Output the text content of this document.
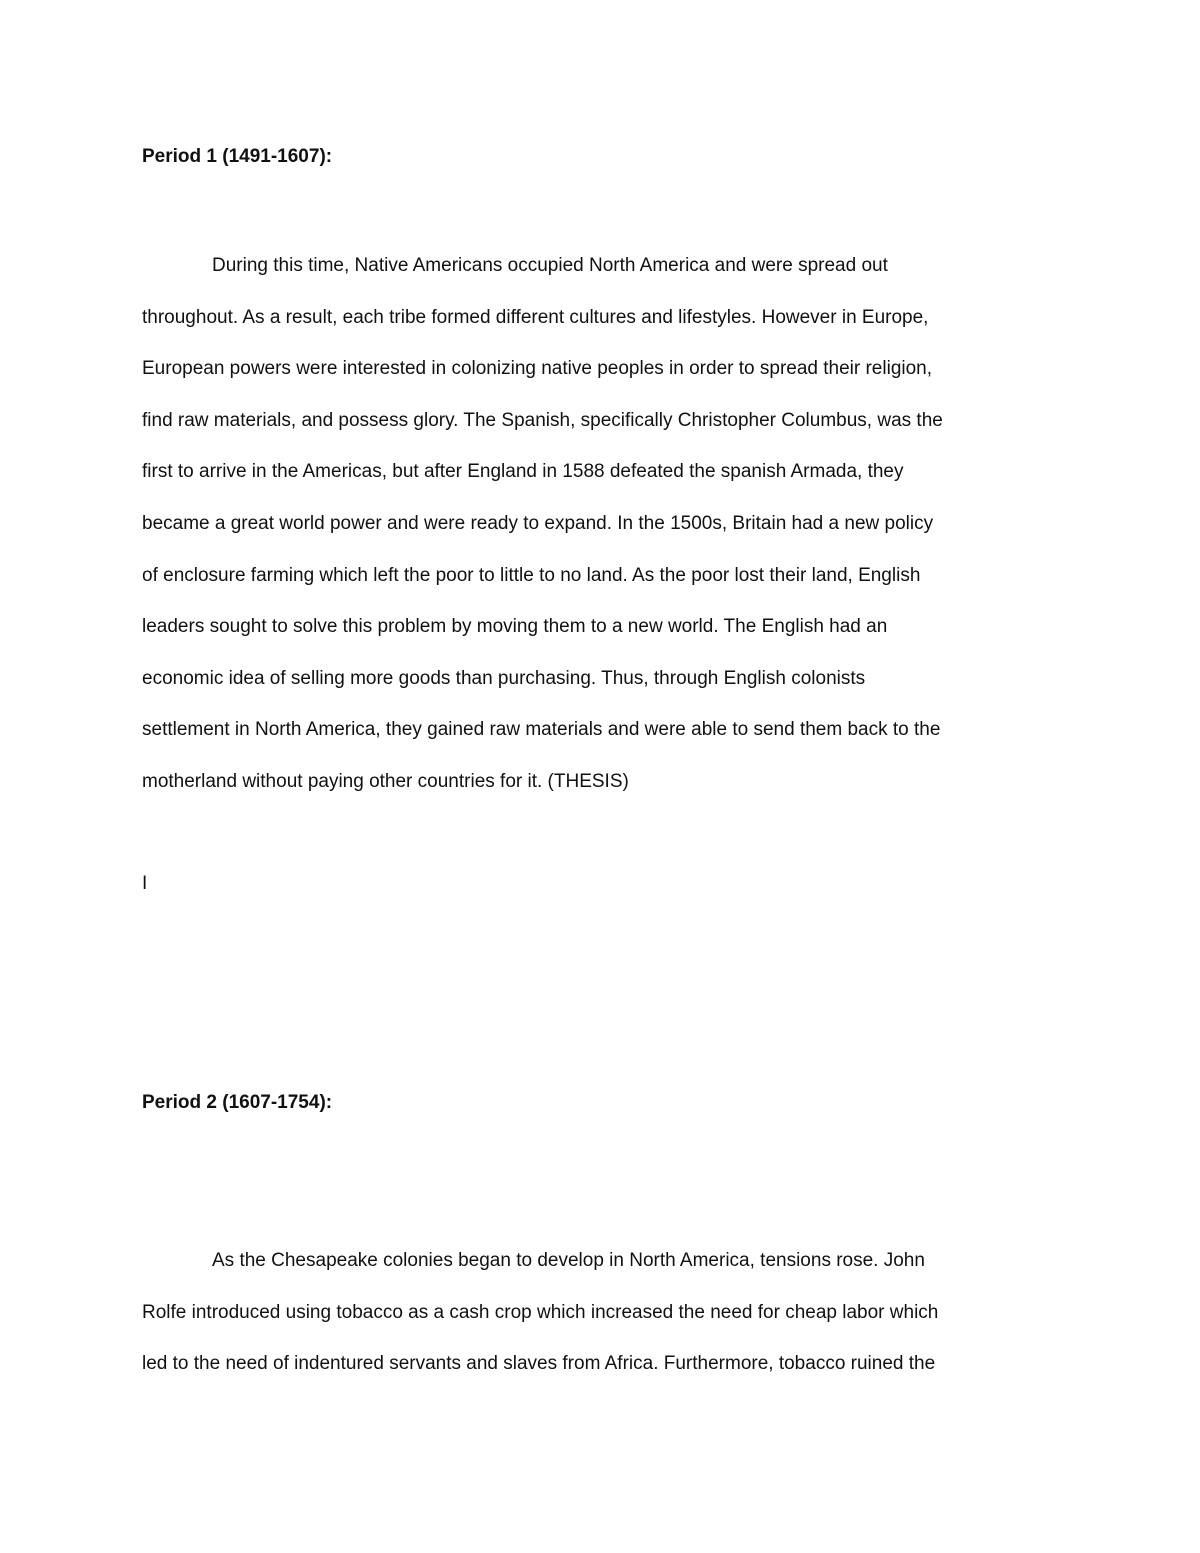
Period 1 (1491-1607):
During this time, Native Americans occupied North America and were spread out
throughout. As a result, each tribe formed different cultures and lifestyles. However in Europe,
European powers were interested in colonizing native peoples in order to spread their religion,
find raw materials, and possess glory. The Spanish, specifically Christopher Columbus, was the
first to arrive in the Americas, but after England in 1588 defeated the spanish Armada, they
became a great world power and were ready to expand. In the 1500s, Britain had a new policy
of enclosure farming which left the poor to little to no land. As the poor lost their land, English
leaders sought to solve this problem by moving them to a new world. The English had an
economic idea of selling more goods than purchasing. Thus, through English colonists
settlement in North America, they gained raw materials and were able to send them back to the
motherland without paying other countries for it. (THESIS)

I

Period 2 (1607-1754):
As the Chesapeake colonies began to develop in North America, tensions rose. John
Rolfe introduced using tobacco as a cash crop which increased the need for cheap labor which
led to the need of indentured servants and slaves from Africa. Furthermore, tobacco ruined the
